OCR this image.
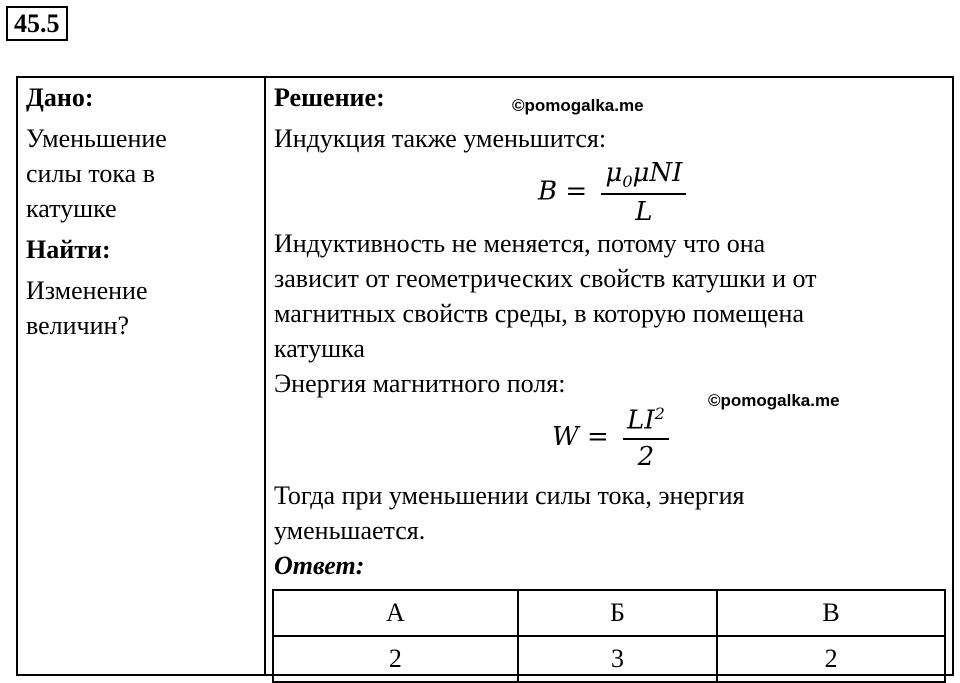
45.5
Дано:
Уменьшение
силы тока в
катушке
Найти:
Изменение
величин?
Решение:
Индукция также уменьшится:
©pomogalka.me
$B = \frac{\mu_0\mu NI}{L}$
Индуктивность не меняется, потому что она
зависит от геометрических свойств катушки и от
магнитных свойств среды, в которую помещена
катушка
Энергия магнитного поля:
©pomogalka.me
$W = \frac{LI^2}{2}$
Тогда при уменьшении силы тока, энергия
уменьшается.
Ответ:
А	Б	В
2	3	2
